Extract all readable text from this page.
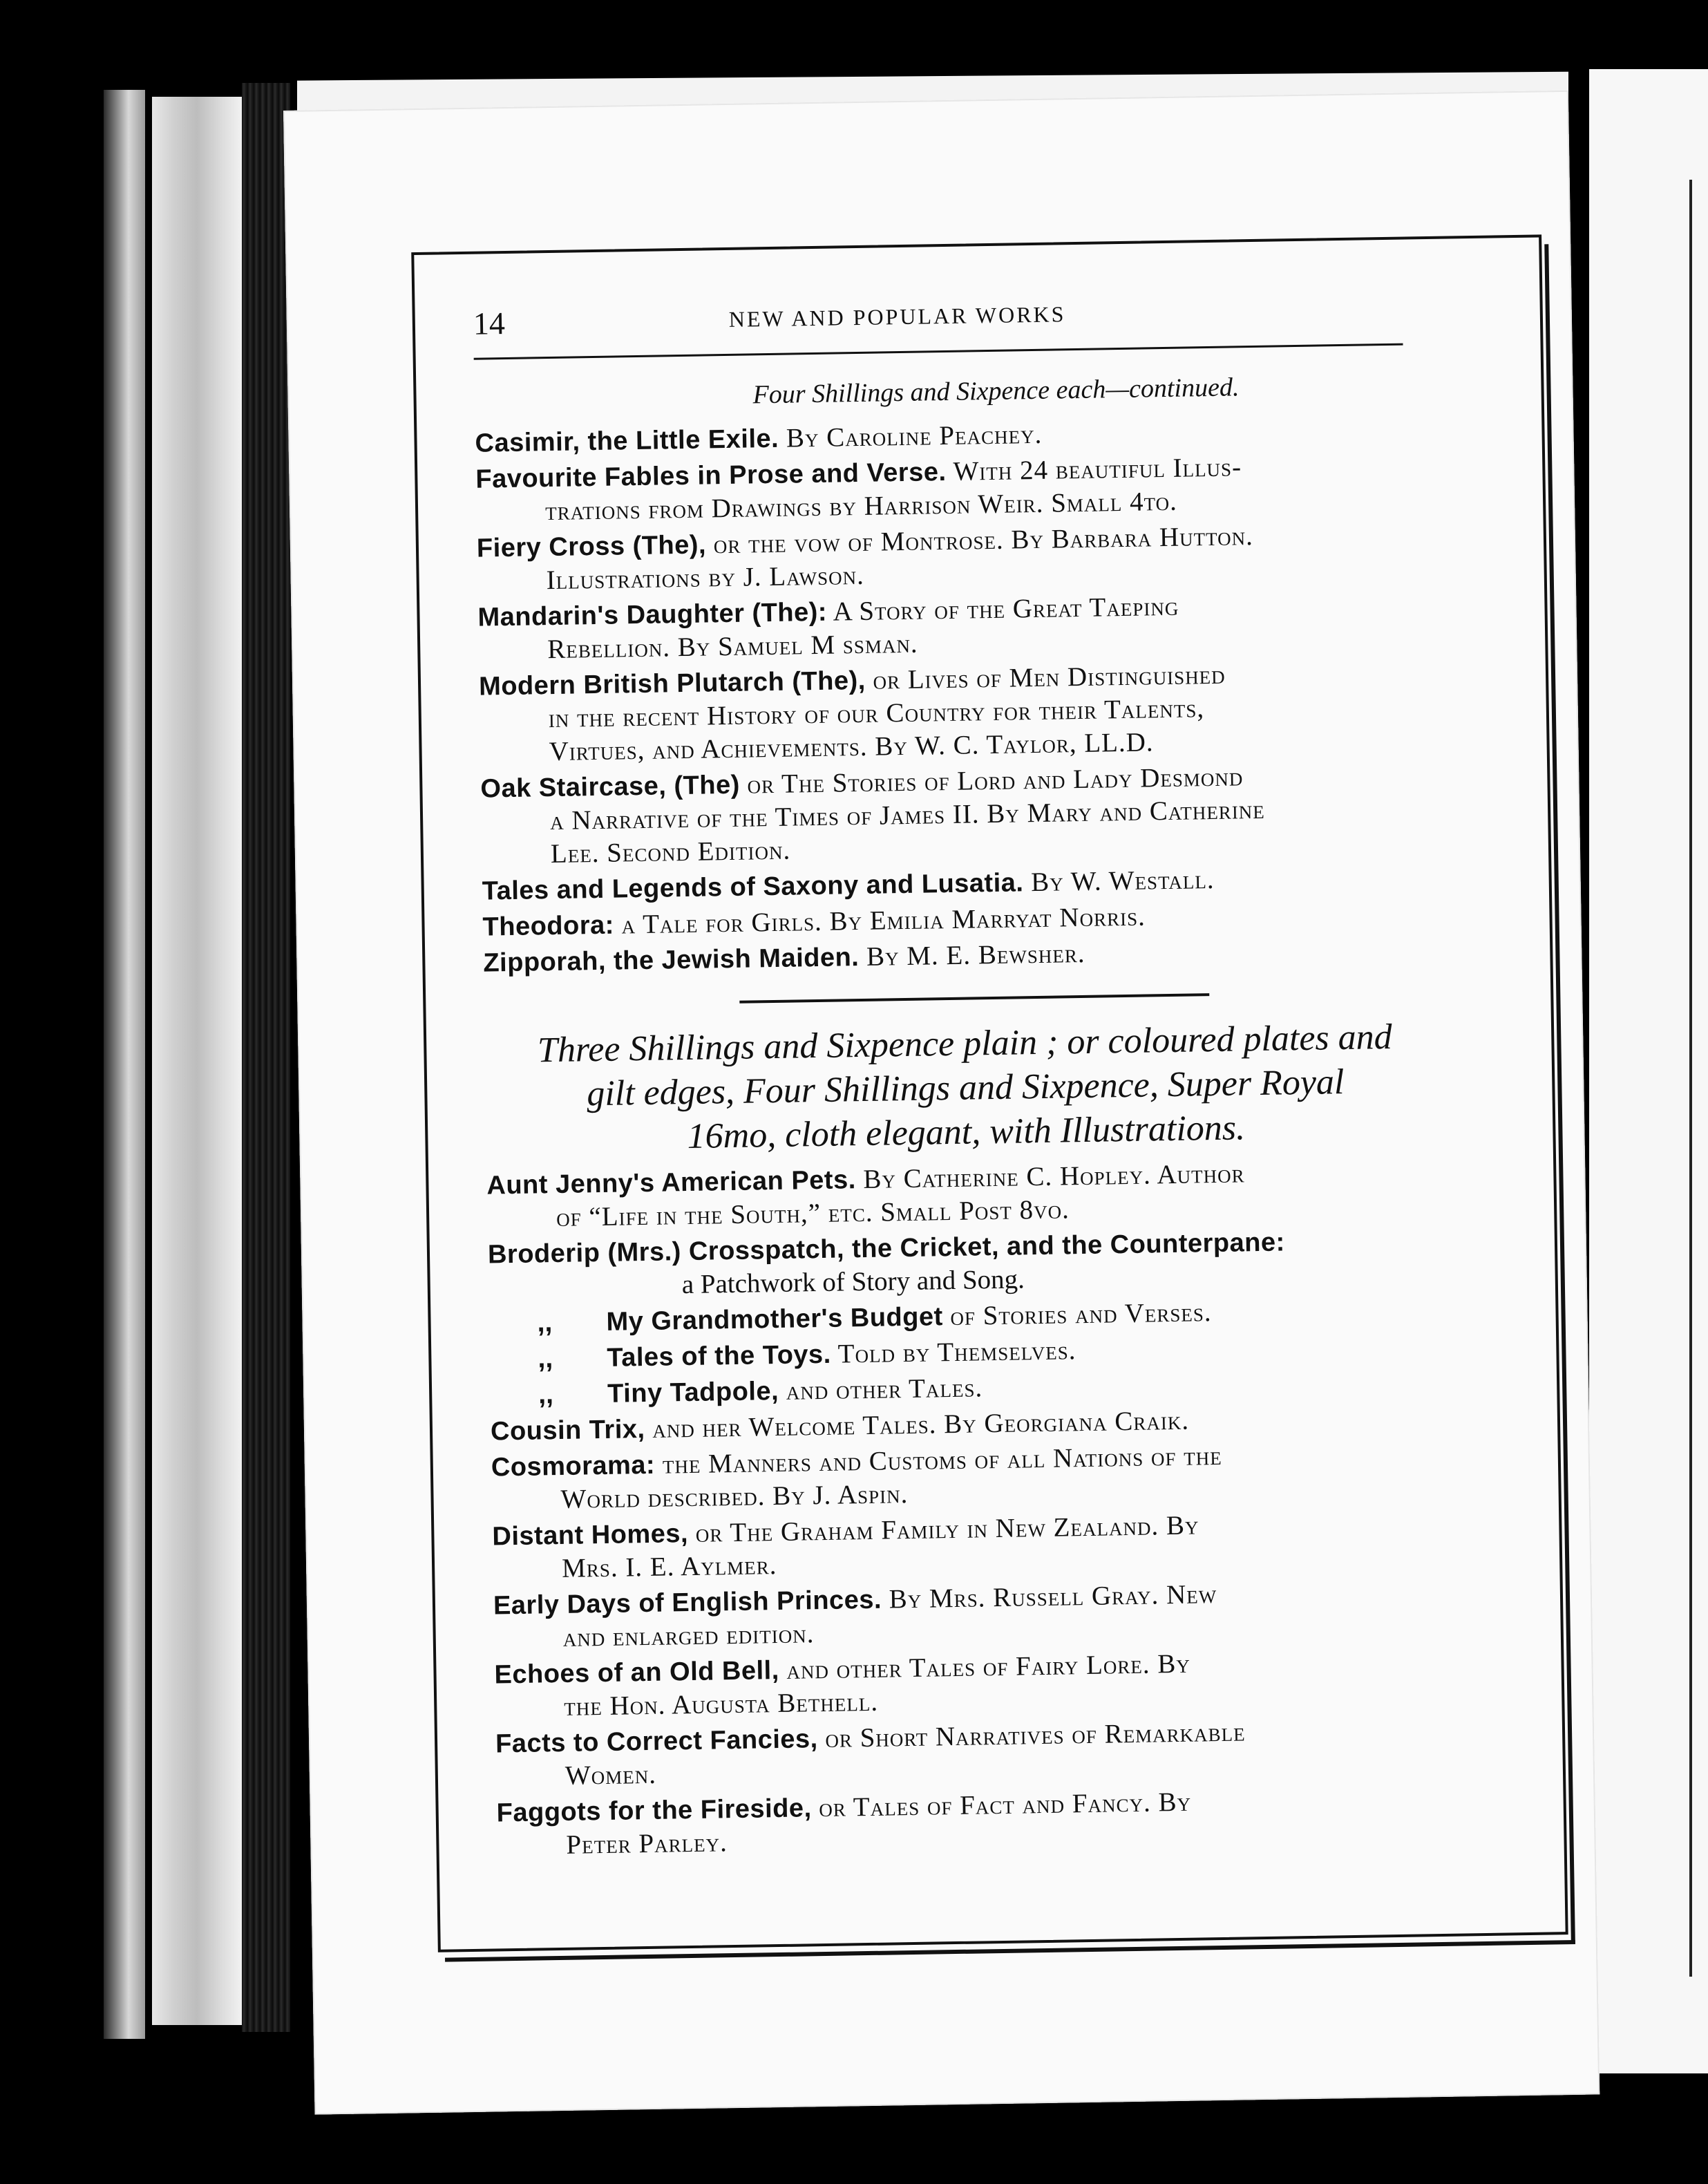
14	NEW AND POPULAR WORKS
Four Shillings and Sixpence each—continued.
Casimir, the Little Exile. By Caroline Peachey.
Favourite Fables in Prose and Verse. With 24 beautiful Illus-
trations from Drawings by Harrison Weir. Small 4to.
Fiery Cross (The), or the vow of Montrose. By Barbara Hutton.
Illustrations by J. Lawson.
Mandarin's Daughter (The): A Story of the Great Taeping
Rebellion. By Samuel M ssman.
Modern British Plutarch (The), or Lives of Men Distinguished
in the recent History of our Country for their Talents,
Virtues, and Achievements. By W. C. Taylor, LL.D.
Oak Staircase, (The) or The Stories of Lord and Lady Desmond
a Narrative of the Times of James II. By Mary and Catherine
Lee. Second Edition.
Tales and Legends of Saxony and Lusatia. By W. Westall.
Theodora: a Tale for Girls. By Emilia Marryat Norris.
Zipporah, the Jewish Maiden. By M. E. Bewsher.
Three Shillings and Sixpence plain ; or coloured plates and
gilt edges, Four Shillings and Sixpence, Super Royal
16mo, cloth elegant, with Illustrations.
Aunt Jenny's American Pets. By Catherine C. Hopley. Author
of “Life in the South,” etc. Small Post 8vo.
Broderip (Mrs.) Crosspatch, the Cricket, and the Counterpane:
a Patchwork of Story and Song.
,, My Grandmother's Budget of Stories and Verses.
,, Tales of the Toys. Told by Themselves.
,, Tiny Tadpole, and other Tales.
Cousin Trix, and her Welcome Tales. By Georgiana Craik.
Cosmorama: the Manners and Customs of all Nations of the
World described. By J. Aspin.
Distant Homes, or The Graham Family in New Zealand. By
Mrs. I. E. Aylmer.
Early Days of English Princes. By Mrs. Russell Gray. New
and enlarged edition.
Echoes of an Old Bell, and other Tales of Fairy Lore. By
the Hon. Augusta Bethell.
Facts to Correct Fancies, or Short Narratives of Remarkable
Women.
Faggots for the Fireside, or Tales of Fact and Fancy. By
Peter Parley.
